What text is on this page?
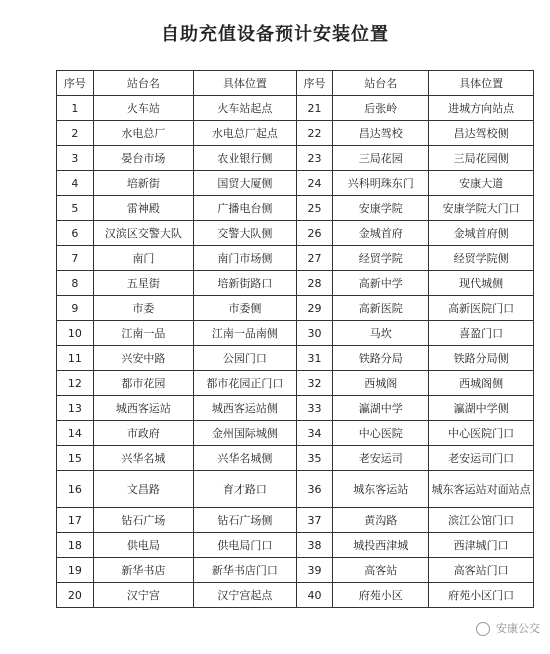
自助充值设备预计安装位置
序号	站台名	具体位置	序号	站台名	具体位置
1	火车站	火车站起点	21	后张岭	进城方向站点
2	水电总厂	水电总厂起点	22	昌达驾校	昌达驾校侧
3	晏台市场	农业银行侧	23	三局花园	三局花园侧
4	培新街	国贸大厦侧	24	兴科明珠东门	安康大道
5	雷神殿	广播电台侧	25	安康学院	安康学院大门口
6	汉滨区交警大队	交警大队侧	26	金城首府	金城首府侧
7	南门	南门市场侧	27	经贸学院	经贸学院侧
8	五星街	培新街路口	28	高新中学	现代城侧
9	市委	市委侧	29	高新医院	高新医院门口
10	江南一品	江南一品南侧	30	马坎	喜盈门口
11	兴安中路	公园门口	31	铁路分局	铁路分局侧
12	都市花园	都市花园正门口	32	西城阁	西城阁侧
13	城西客运站	城西客运站侧	33	瀛湖中学	瀛湖中学侧
14	市政府	金州国际城侧	34	中心医院	中心医院门口
15	兴华名城	兴华名城侧	35	老安运司	老安运司门口
16	文昌路	育才路口	36	城东客运站	城东客运站对面站点
17	钻石广场	钻石广场侧	37	黄沟路	滨江公馆门口
18	供电局	供电局门口	38	城投西津城	西津城门口
19	新华书店	新华书店门口	39	高客站	高客站门口
20	汉宁宫	汉宁宫起点	40	府苑小区	府苑小区门口
安康公交
